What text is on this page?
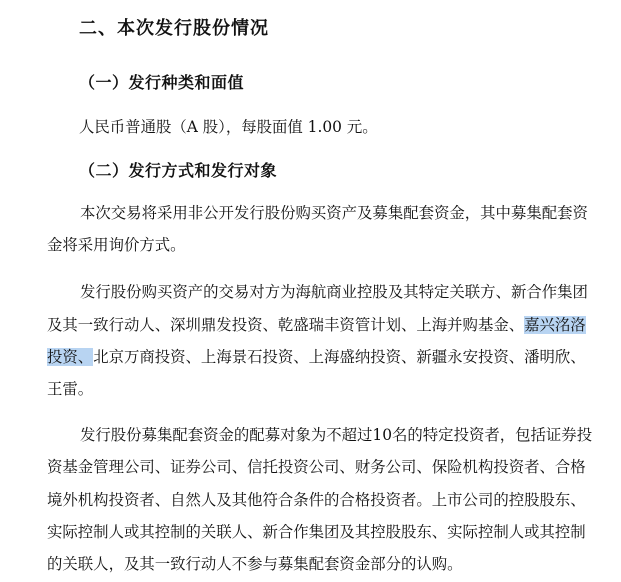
二、本次发行股份情况
（一）发行种类和面值
人民币普通股（A 股），每股面值 1.00 元。
（二）发行方式和发行对象
本次交易将采用非公开发行股份购买资产及募集配套资金，其中募集配套资
金将采用询价方式。
发行股份购买资产的交易对方为海航商业控股及其特定关联方、新合作集团
及其一致行动人、深圳鼎发投资、乾盛瑞丰资管计划、上海并购基金、嘉兴洺洛
投资、北京万商投资、上海景石投资、上海盛纳投资、新疆永安投资、潘明欣、
王雷。
发行股份募集配套资金的配募对象为不超过10名的特定投资者，包括证券投
资基金管理公司、证券公司、信托投资公司、财务公司、保险机构投资者、合格
境外机构投资者、自然人及其他符合条件的合格投资者。上市公司的控股股东、
实际控制人或其控制的关联人、新合作集团及其控股股东、实际控制人或其控制
的关联人，及其一致行动人不参与募集配套资金部分的认购。
